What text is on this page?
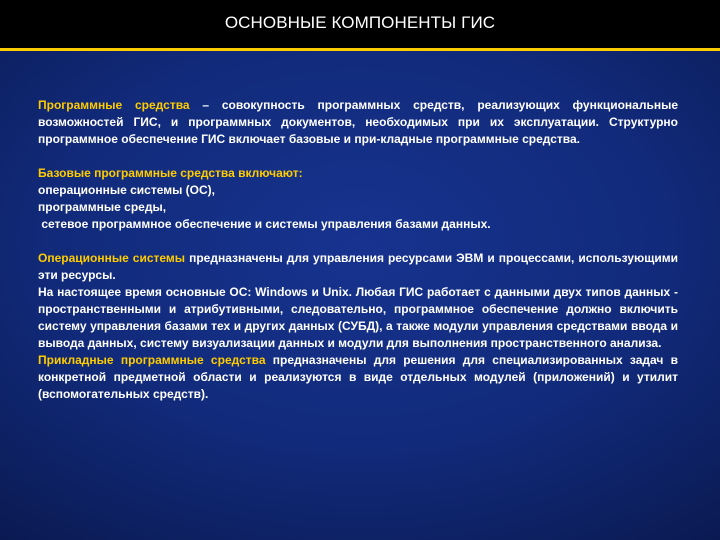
ОСНОВНЫЕ КОМПОНЕНТЫ ГИС

Программные средства – совокупность программных средств, реализующих функциональные возможностей ГИС, и программных документов, необходимых при их эксплуатации. Структурно программное обеспечение ГИС включает базовые и при-кладные программные средства.

Базовые программные средства включают:
операционные системы (ОС),
программные среды,
сетевое программное обеспечение и системы управления базами данных.

Операционные системы предназначены для управления ресурсами ЭВМ и процессами, использующими эти ресурсы.

На настоящее время основные ОС: Windows и Unix. Любая ГИС работает с данными двух типов данных - пространственными и атрибутивными, следовательно, программное обеспечение должно включить систему управления базами тех и других данных (СУБД), а также модули управления средствами ввода и вывода данных, систему визуализации данных и модули для выполнения пространственного анализа.

Прикладные программные средства предназначены для решения для специализированных задач в конкретной предметной области и реализуются в виде отдельных модулей (приложений) и утилит (вспомогательных средств).
